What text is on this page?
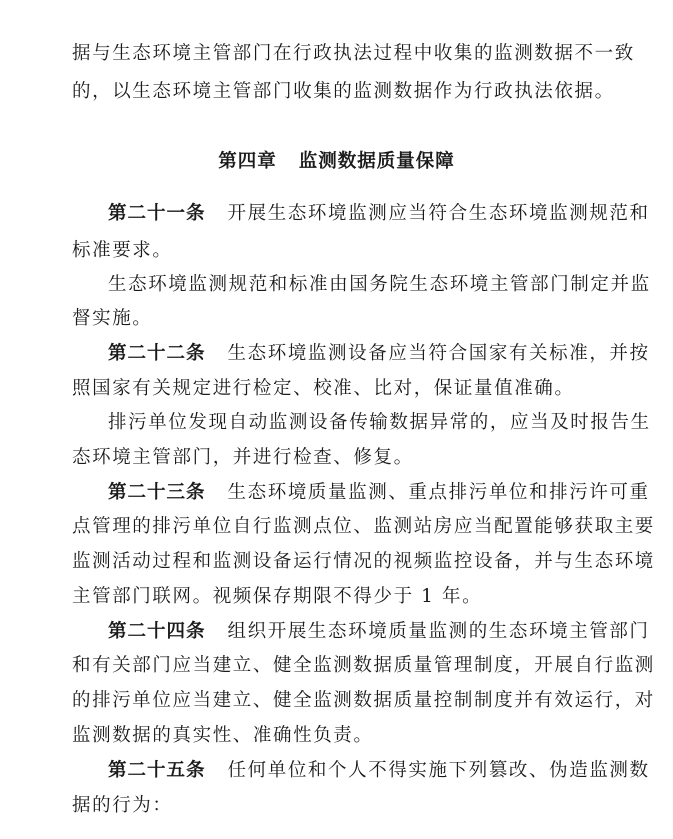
据与生态环境主管部门在行政执法过程中收集的监测数据不一致
的，以生态环境主管部门收集的监测数据作为行政执法依据。
第四章 监测数据质量保障
第二十一条 开展生态环境监测应当符合生态环境监测规范和
标准要求。
生态环境监测规范和标准由国务院生态环境主管部门制定并监
督实施。
第二十二条 生态环境监测设备应当符合国家有关标准，并按
照国家有关规定进行检定、校准、比对，保证量值准确。
排污单位发现自动监测设备传输数据异常的，应当及时报告生
态环境主管部门，并进行检查、修复。
第二十三条 生态环境质量监测、重点排污单位和排污许可重
点管理的排污单位自行监测点位、监测站房应当配置能够获取主要
监测活动过程和监测设备运行情况的视频监控设备，并与生态环境
主管部门联网。视频保存期限不得少于 1 年。
第二十四条 组织开展生态环境质量监测的生态环境主管部门
和有关部门应当建立、健全监测数据质量管理制度，开展自行监测
的排污单位应当建立、健全监测数据质量控制制度并有效运行，对
监测数据的真实性、准确性负责。
第二十五条 任何单位和个人不得实施下列篡改、伪造监测数
据的行为：
